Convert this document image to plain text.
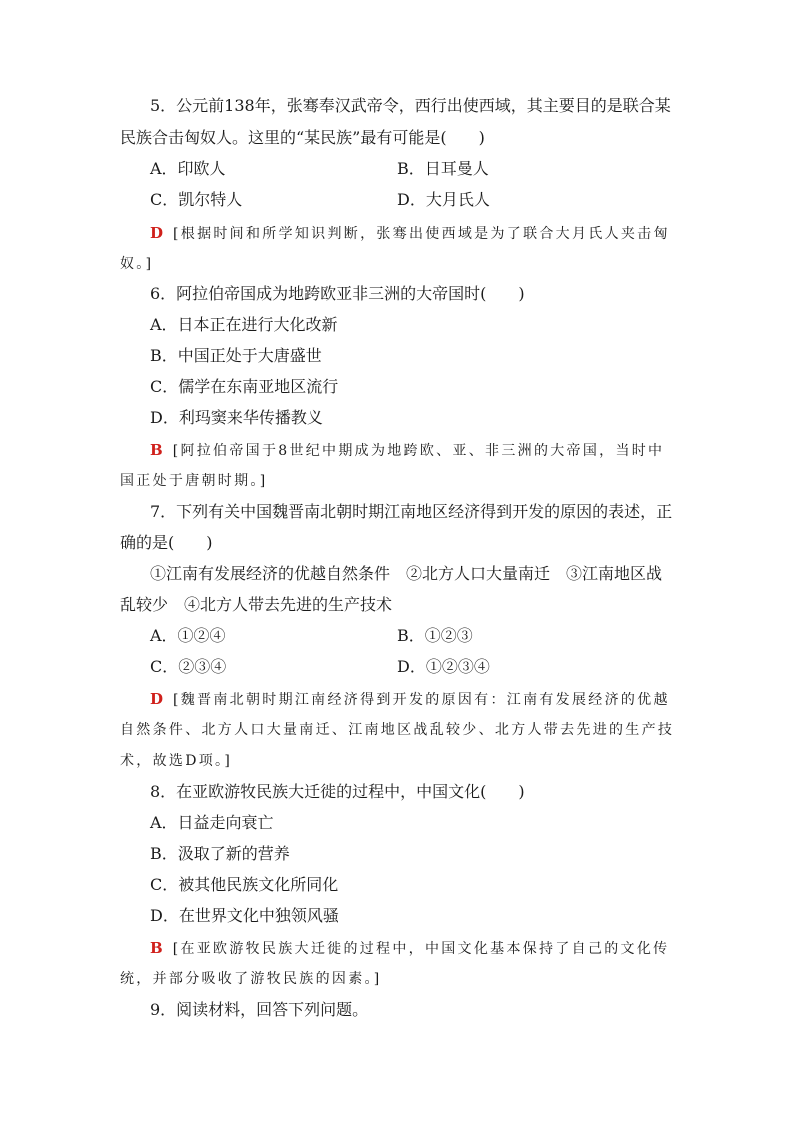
5．公元前138年，张骞奉汉武帝令，西行出使西域，其主要目的是联合某
民族合击匈奴人。这里的“某民族”最有可能是(　　)
A．印欧人	B．日耳曼人
C．凯尔特人	D．大月氏人
D [根据时间和所学知识判断，张骞出使西域是为了联合大月氏人夹击匈
奴。]
6．阿拉伯帝国成为地跨欧亚非三洲的大帝国时(　　)
A．日本正在进行大化改新
B．中国正处于大唐盛世
C．儒学在东南亚地区流行
D．利玛窦来华传播教义
B [阿拉伯帝国于8世纪中期成为地跨欧、亚、非三洲的大帝国，当时中
国正处于唐朝时期。]
7．下列有关中国魏晋南北朝时期江南地区经济得到开发的原因的表述，正
确的是(　　)
①江南有发展经济的优越自然条件　②北方人口大量南迁　③江南地区战
乱较少　④北方人带去先进的生产技术
A．①②④	B．①②③
C．②③④	D．①②③④
D [魏晋南北朝时期江南经济得到开发的原因有：江南有发展经济的优越
自然条件、北方人口大量南迁、江南地区战乱较少、北方人带去先进的生产技
术，故选D项。]
8．在亚欧游牧民族大迁徙的过程中，中国文化(　　)
A．日益走向衰亡
B．汲取了新的营养
C．被其他民族文化所同化
D．在世界文化中独领风骚
B [在亚欧游牧民族大迁徙的过程中，中国文化基本保持了自己的文化传
统，并部分吸收了游牧民族的因素。]
9．阅读材料，回答下列问题。
